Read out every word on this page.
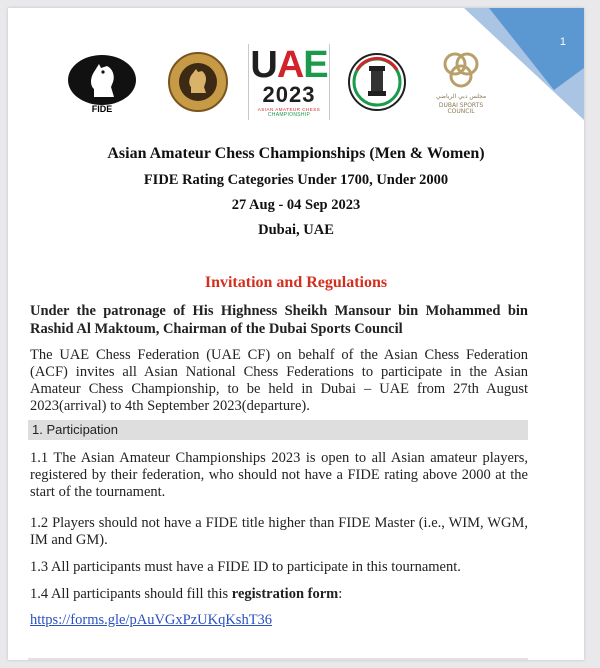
1
FIDE
UAE
2023
ASIAN AMATEUR CHESS
CHAMPIONSHIP
مجلس دبي الرياضي
DUBAI SPORTS COUNCIL
Asian Amateur Chess Championships (Men & Women)
FIDE Rating Categories Under 1700, Under 2000
27 Aug - 04 Sep 2023
Dubai, UAE
Invitation and Regulations
Under the patronage of His Highness Sheikh Mansour bin Mohammed bin Rashid Al Maktoum, Chairman of the Dubai Sports Council
The UAE Chess Federation (UAE CF) on behalf of the Asian Chess Federation (ACF) invites all Asian National Chess Federations to participate in the Asian Amateur Chess Championship, to be held in Dubai – UAE from 27th August 2023(arrival) to 4th September 2023(departure).
1. Participation
1.1 The Asian Amateur Championships 2023 is open to all Asian amateur players, registered by their federation, who should not have a FIDE rating above 2000 at the start of the tournament.
1.2 Players should not have a FIDE title higher than FIDE Master (i.e., WIM, WGM, IM and GM).
1.3 All participants must have a FIDE ID to participate in this tournament.
1.4 All participants should fill this registration form:
https://forms.gle/pAuVGxPzUKqKshT36
